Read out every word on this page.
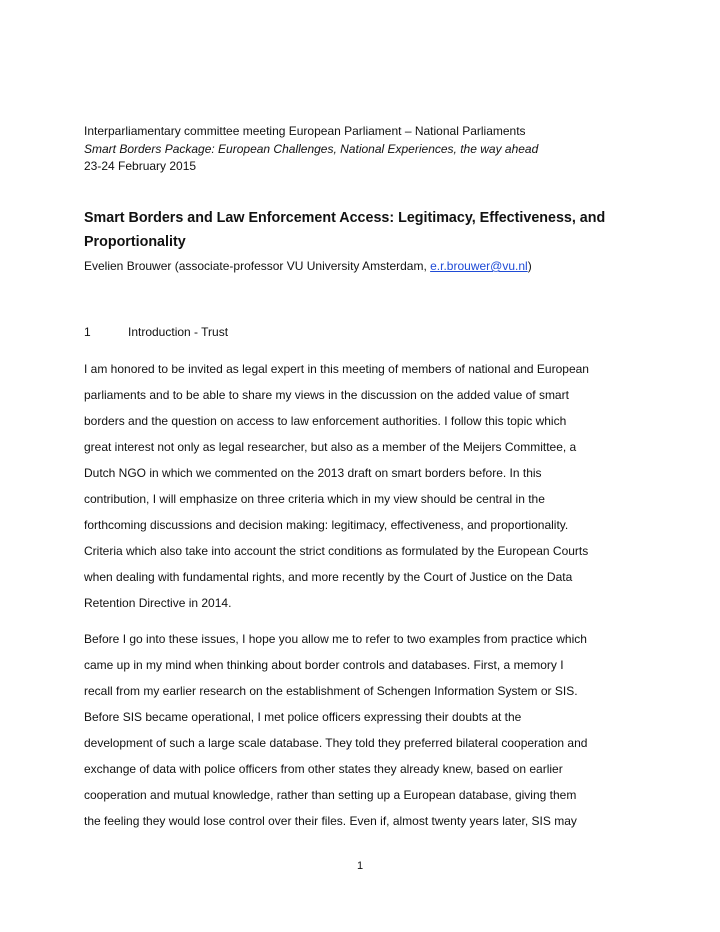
Interparliamentary committee meeting European Parliament – National Parliaments
Smart Borders Package: European Challenges, National Experiences, the way ahead
23-24 February 2015
Smart Borders and Law Enforcement Access: Legitimacy, Effectiveness, and Proportionality
Evelien Brouwer (associate-professor VU University Amsterdam, e.r.brouwer@vu.nl)
1	Introduction - Trust
I am honored to be invited as legal expert in this meeting of members of national and European
parliaments and to be able to share my views in the discussion on the added value of smart
borders and the question on access to law enforcement authorities. I follow this topic which
great interest not only as legal researcher, but also as a member of the Meijers Committee, a
Dutch NGO in which we commented on the 2013 draft on smart borders before. In this
contribution, I will emphasize on three criteria which in my view should be central in the
forthcoming discussions and decision making: legitimacy, effectiveness, and proportionality.
Criteria which also take into account the strict conditions as formulated by the European Courts
when dealing with fundamental rights, and more recently by the Court of Justice on the Data
Retention Directive in 2014.
Before I go into these issues, I hope you allow me to refer to two examples from practice which
came up in my mind when thinking about border controls and databases. First, a memory I
recall from my earlier research on the establishment of Schengen Information System or SIS.
Before SIS became operational, I met police officers expressing their doubts at the
development of such a large scale database. They told they preferred bilateral cooperation and
exchange of data with police officers from other states they already knew, based on earlier
cooperation and mutual knowledge, rather than setting up a European database, giving them
the feeling they would lose control over their files. Even if, almost twenty years later, SIS may
1
